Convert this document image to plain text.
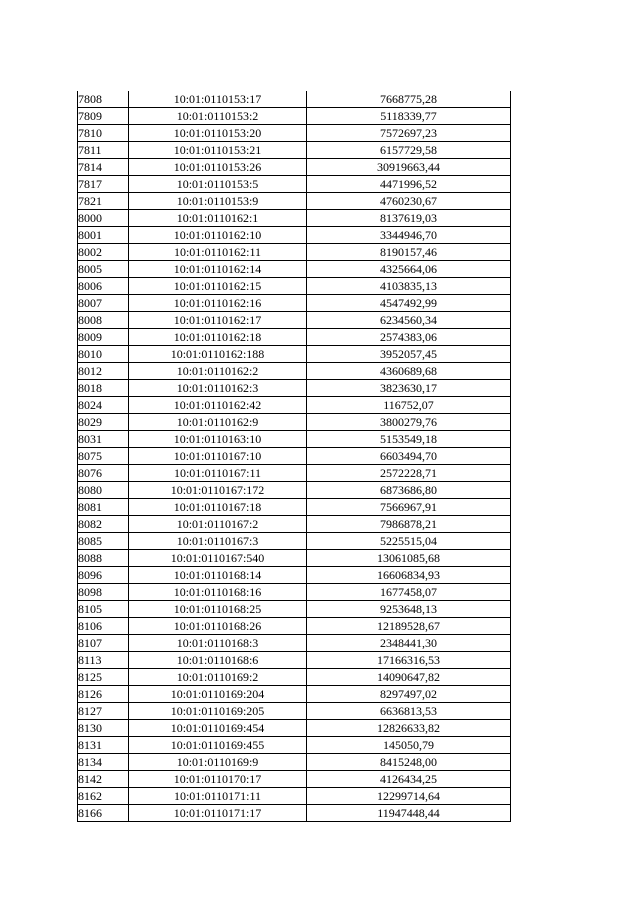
7808	10:01:0110153:17	7668775,28
7809	10:01:0110153:2	5118339,77
7810	10:01:0110153:20	7572697,23
7811	10:01:0110153:21	6157729,58
7814	10:01:0110153:26	30919663,44
7817	10:01:0110153:5	4471996,52
7821	10:01:0110153:9	4760230,67
8000	10:01:0110162:1	8137619,03
8001	10:01:0110162:10	3344946,70
8002	10:01:0110162:11	8190157,46
8005	10:01:0110162:14	4325664,06
8006	10:01:0110162:15	4103835,13
8007	10:01:0110162:16	4547492,99
8008	10:01:0110162:17	6234560,34
8009	10:01:0110162:18	2574383,06
8010	10:01:0110162:188	3952057,45
8012	10:01:0110162:2	4360689,68
8018	10:01:0110162:3	3823630,17
8024	10:01:0110162:42	116752,07
8029	10:01:0110162:9	3800279,76
8031	10:01:0110163:10	5153549,18
8075	10:01:0110167:10	6603494,70
8076	10:01:0110167:11	2572228,71
8080	10:01:0110167:172	6873686,80
8081	10:01:0110167:18	7566967,91
8082	10:01:0110167:2	7986878,21
8085	10:01:0110167:3	5225515,04
8088	10:01:0110167:540	13061085,68
8096	10:01:0110168:14	16606834,93
8098	10:01:0110168:16	1677458,07
8105	10:01:0110168:25	9253648,13
8106	10:01:0110168:26	12189528,67
8107	10:01:0110168:3	2348441,30
8113	10:01:0110168:6	17166316,53
8125	10:01:0110169:2	14090647,82
8126	10:01:0110169:204	8297497,02
8127	10:01:0110169:205	6636813,53
8130	10:01:0110169:454	12826633,82
8131	10:01:0110169:455	145050,79
8134	10:01:0110169:9	8415248,00
8142	10:01:0110170:17	4126434,25
8162	10:01:0110171:11	12299714,64
8166	10:01:0110171:17	11947448,44
